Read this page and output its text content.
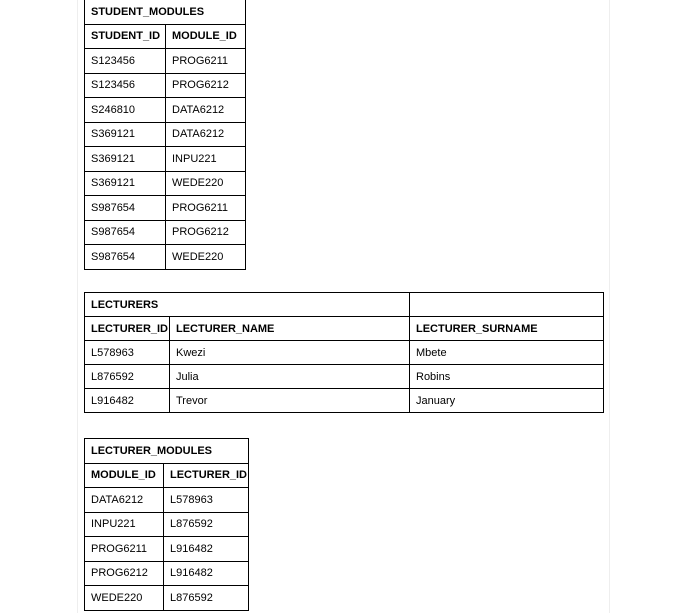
STUDENT_MODULES	
STUDENT_ID	MODULE_ID
S123456	PROG6211
S123456	PROG6212
S246810	DATA6212
S369121	DATA6212
S369121	INPU221
S369121	WEDE220
S987654	PROG6211
S987654	PROG6212
S987654	WEDE220
LECTURERS		
LECTURER_ID	LECTURER_NAME	LECTURER_SURNAME
L578963	Kwezi	Mbete
L876592	Julia	Robins
L916482	Trevor	January
LECTURER_MODULES	
MODULE_ID	LECTURER_ID
DATA6212	L578963
INPU221	L876592
PROG6211	L916482
PROG6212	L916482
WEDE220	L876592
